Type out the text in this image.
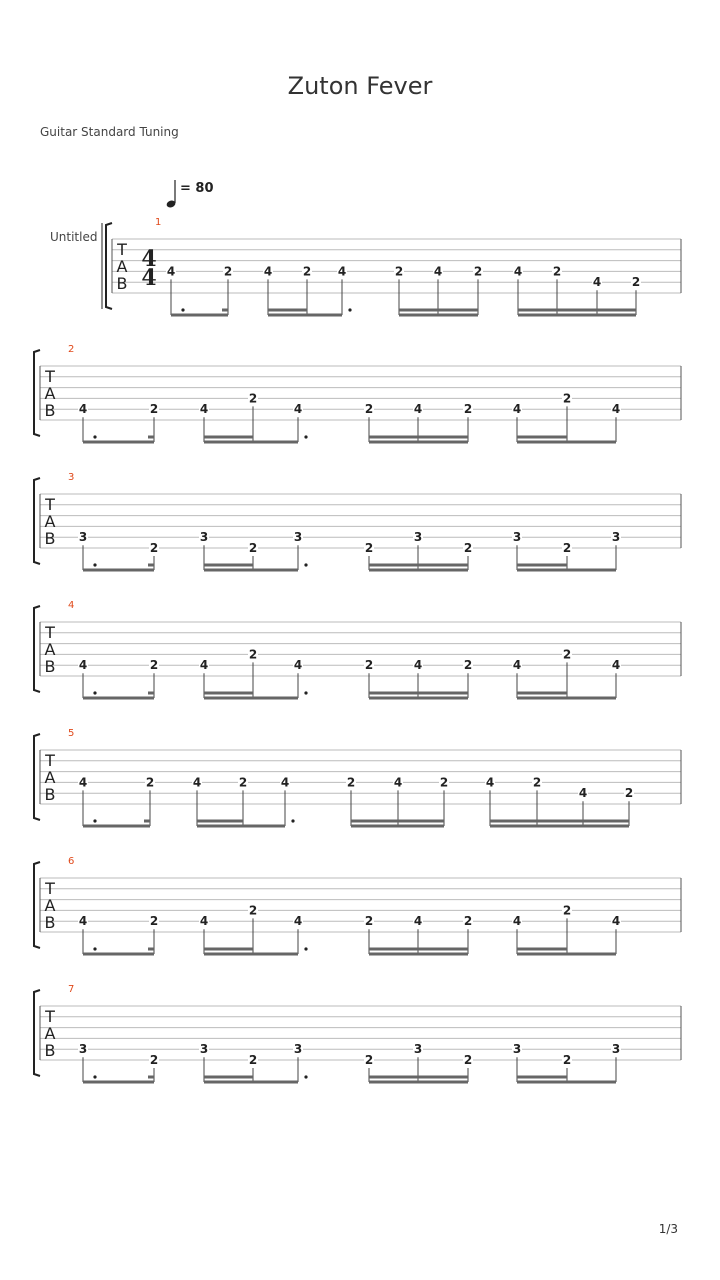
Zuton Fever
Guitar Standard Tuning
= 80
Untitled
1/3
T
A
B
4
4
1
4	2	4	2 4	2	4	2	4	2
4	2
T
A
B
2
4	2	4
2
4	2	4	2	4
2
4
T
A
B
3
3
2
3
2
3
2
3
2
3
2
3
T
A
B
4
4	2	4
2
4	2	4	2	4
2
4
T
A
B
5
4	2	4	2	4	2	4	2	4	2
4	2
T
A
B
6
4	2	4
2
4	2	4	2	4
2
4
T
A
B
7
3
2
3
2
3
2
3
2
3
2
3
